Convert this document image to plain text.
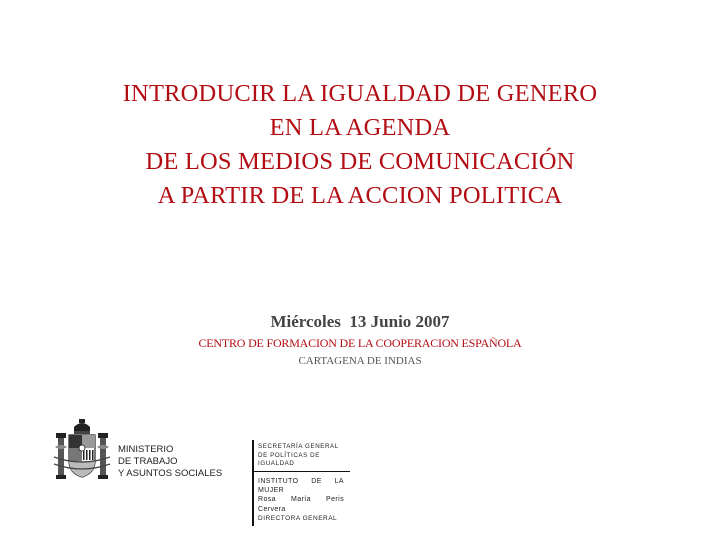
INTRODUCIR LA IGUALDAD DE GENERO
EN LA AGENDA
DE LOS MEDIOS DE COMUNICACIÓN
A PARTIR DE LA ACCION POLITICA
Miércoles  13 Junio 2007
CENTRO DE FORMACION DE LA COOPERACION ESPAÑOLA
CARTAGENA DE INDIAS
MINISTERIO
DE TRABAJO
Y ASUNTOS SOCIALES
SECRETARÍA GENERAL
DE POLÍTICAS DE
IGUALDAD
INSTITUTO DE LA
MUJER
Rosa María Peris
Cervera
DIRECTORA GENERAL
